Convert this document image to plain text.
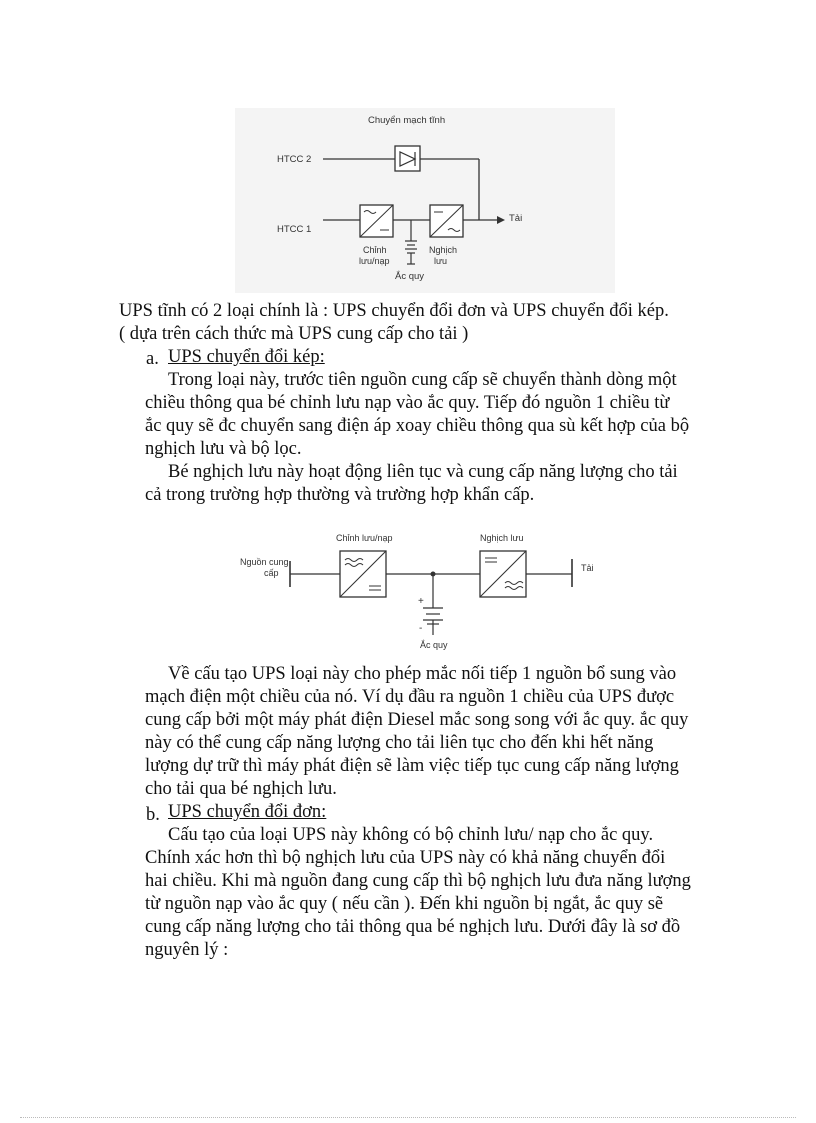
Chuyển mạch tĩnh
HTCC 2
HTCC 1
Tải
Chỉnh
lưu/nạp
Nghịch
lưu
Ắc quy
UPS tĩnh có 2 loại chính là : UPS chuyển đổi đơn và UPS chuyển đổi kép.
( dựa trên cách thức mà UPS cung cấp cho tải )
a. UPS chuyển đổi kép:
Trong loại này, trước tiên nguồn cung cấp sẽ chuyển thành dòng một
chiều thông qua bé chỉnh lưu nạp vào ắc quy. Tiếp đó nguồn 1 chiều từ
ắc quy sẽ đc chuyển sang điện áp xoay chiều thông qua sù kết hợp của bộ
nghịch lưu và bộ lọc.
Bé nghịch lưu này hoạt động liên tục và cung cấp năng lượng cho tải
cả trong trường hợp thường và trường hợp khẩn cấp.
Nguồn cung
cấp
Chỉnh lưu/nạp
+
-
Ắc quy
Nghịch lưu
Tải
Về cấu tạo UPS loại này cho phép mắc nối tiếp 1 nguồn bổ sung vào
mạch điện một chiều của nó. Ví dụ đầu ra nguồn 1 chiều của UPS được
cung cấp bởi một máy phát điện Diesel mắc song song với ắc quy. ắc quy
này có thể cung cấp năng lượng cho tải liên tục cho đến khi hết năng
lượng dự trữ thì máy phát điện sẽ làm việc tiếp tục cung cấp năng lượng
cho tải qua bé nghịch lưu.
b. UPS chuyển đổi đơn:
Cấu tạo của loại UPS này không có bộ chỉnh lưu/ nạp cho ắc quy.
Chính xác hơn thì bộ nghịch lưu của UPS này có khả năng chuyển đổi
hai chiều. Khi mà nguồn đang cung cấp thì bộ nghịch lưu đưa năng lượng
từ nguồn nạp vào ắc quy ( nếu cần ). Đến khi nguồn bị ngắt, ắc quy sẽ
cung cấp năng lượng cho tải thông qua bé nghịch lưu. Dưới đây là sơ đồ
nguyên lý :
